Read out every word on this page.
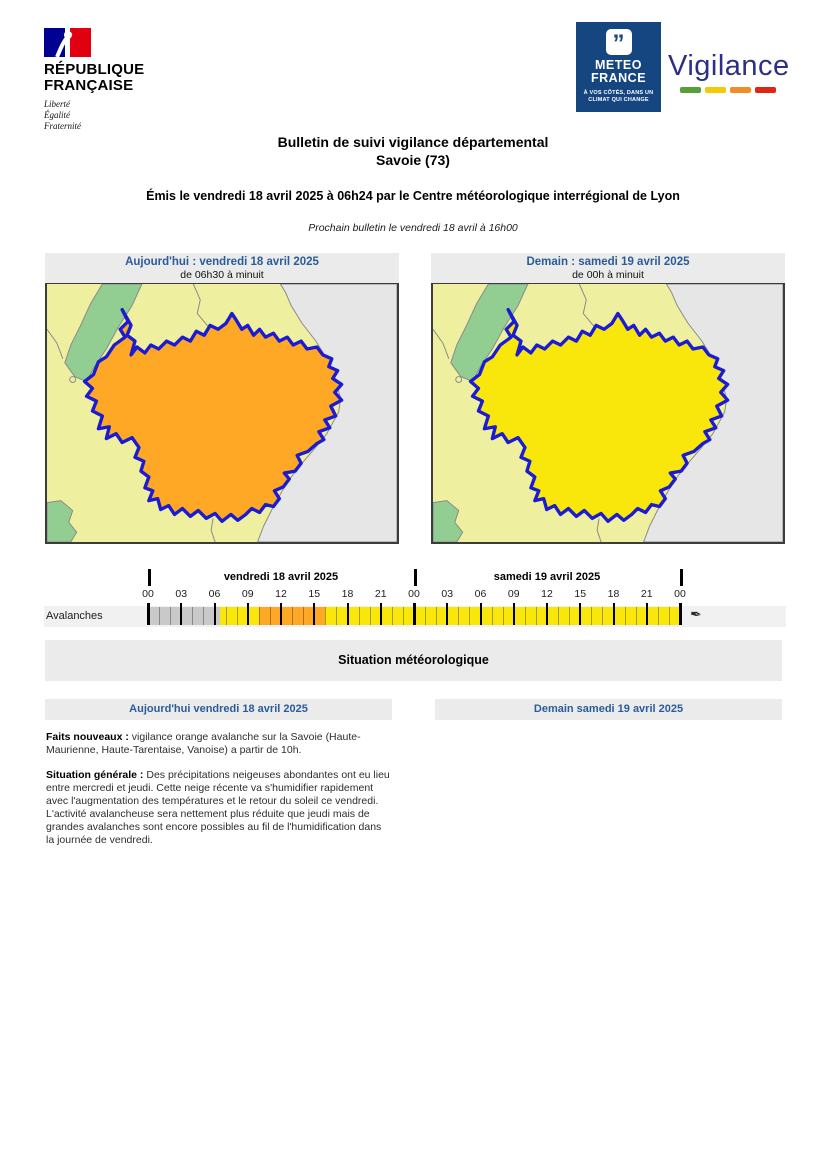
RÉPUBLIQUE
FRANÇAISE
Liberté
Égalité
Fraternité
”
METEO
FRANCE
À VOS CÔTÉS, DANS UN
CLIMAT QUI CHANGE
Vigilance
Bulletin de suivi vigilance départemental
Savoie (73)
Émis le vendredi 18 avril 2025 à 06h24 par le Centre météorologique interrégional de Lyon
Prochain bulletin le vendredi 18 avril à 16h00
Aujourd'hui : vendredi 18 avril 2025
de 06h30 à minuit
Demain : samedi 19 avril 2025
de 00h à minuit
vendredi 18 avril 2025	samedi 19 avril 2025
00 03 06 09 12 15 18 21 00 03 06 09 12 15 18 21 00
Avalanches	✒
Situation météorologique
Aujourd'hui vendredi 18 avril 2025	Demain samedi 19 avril 2025

Faits nouveaux : vigilance orange avalanche sur la Savoie (Haute-Maurienne, Haute-Tarentaise, Vanoise) a partir de 10h.

Situation générale : Des précipitations neigeuses abondantes ont eu lieu entre mercredi et jeudi. Cette neige récente va s'humidifier rapidement avec l'augmentation des températures et le retour du soleil ce vendredi. L'activité avalancheuse sera nettement plus réduite que jeudi mais de grandes avalanches sont encore possibles au fil de l'humidification dans la journée de vendredi.
